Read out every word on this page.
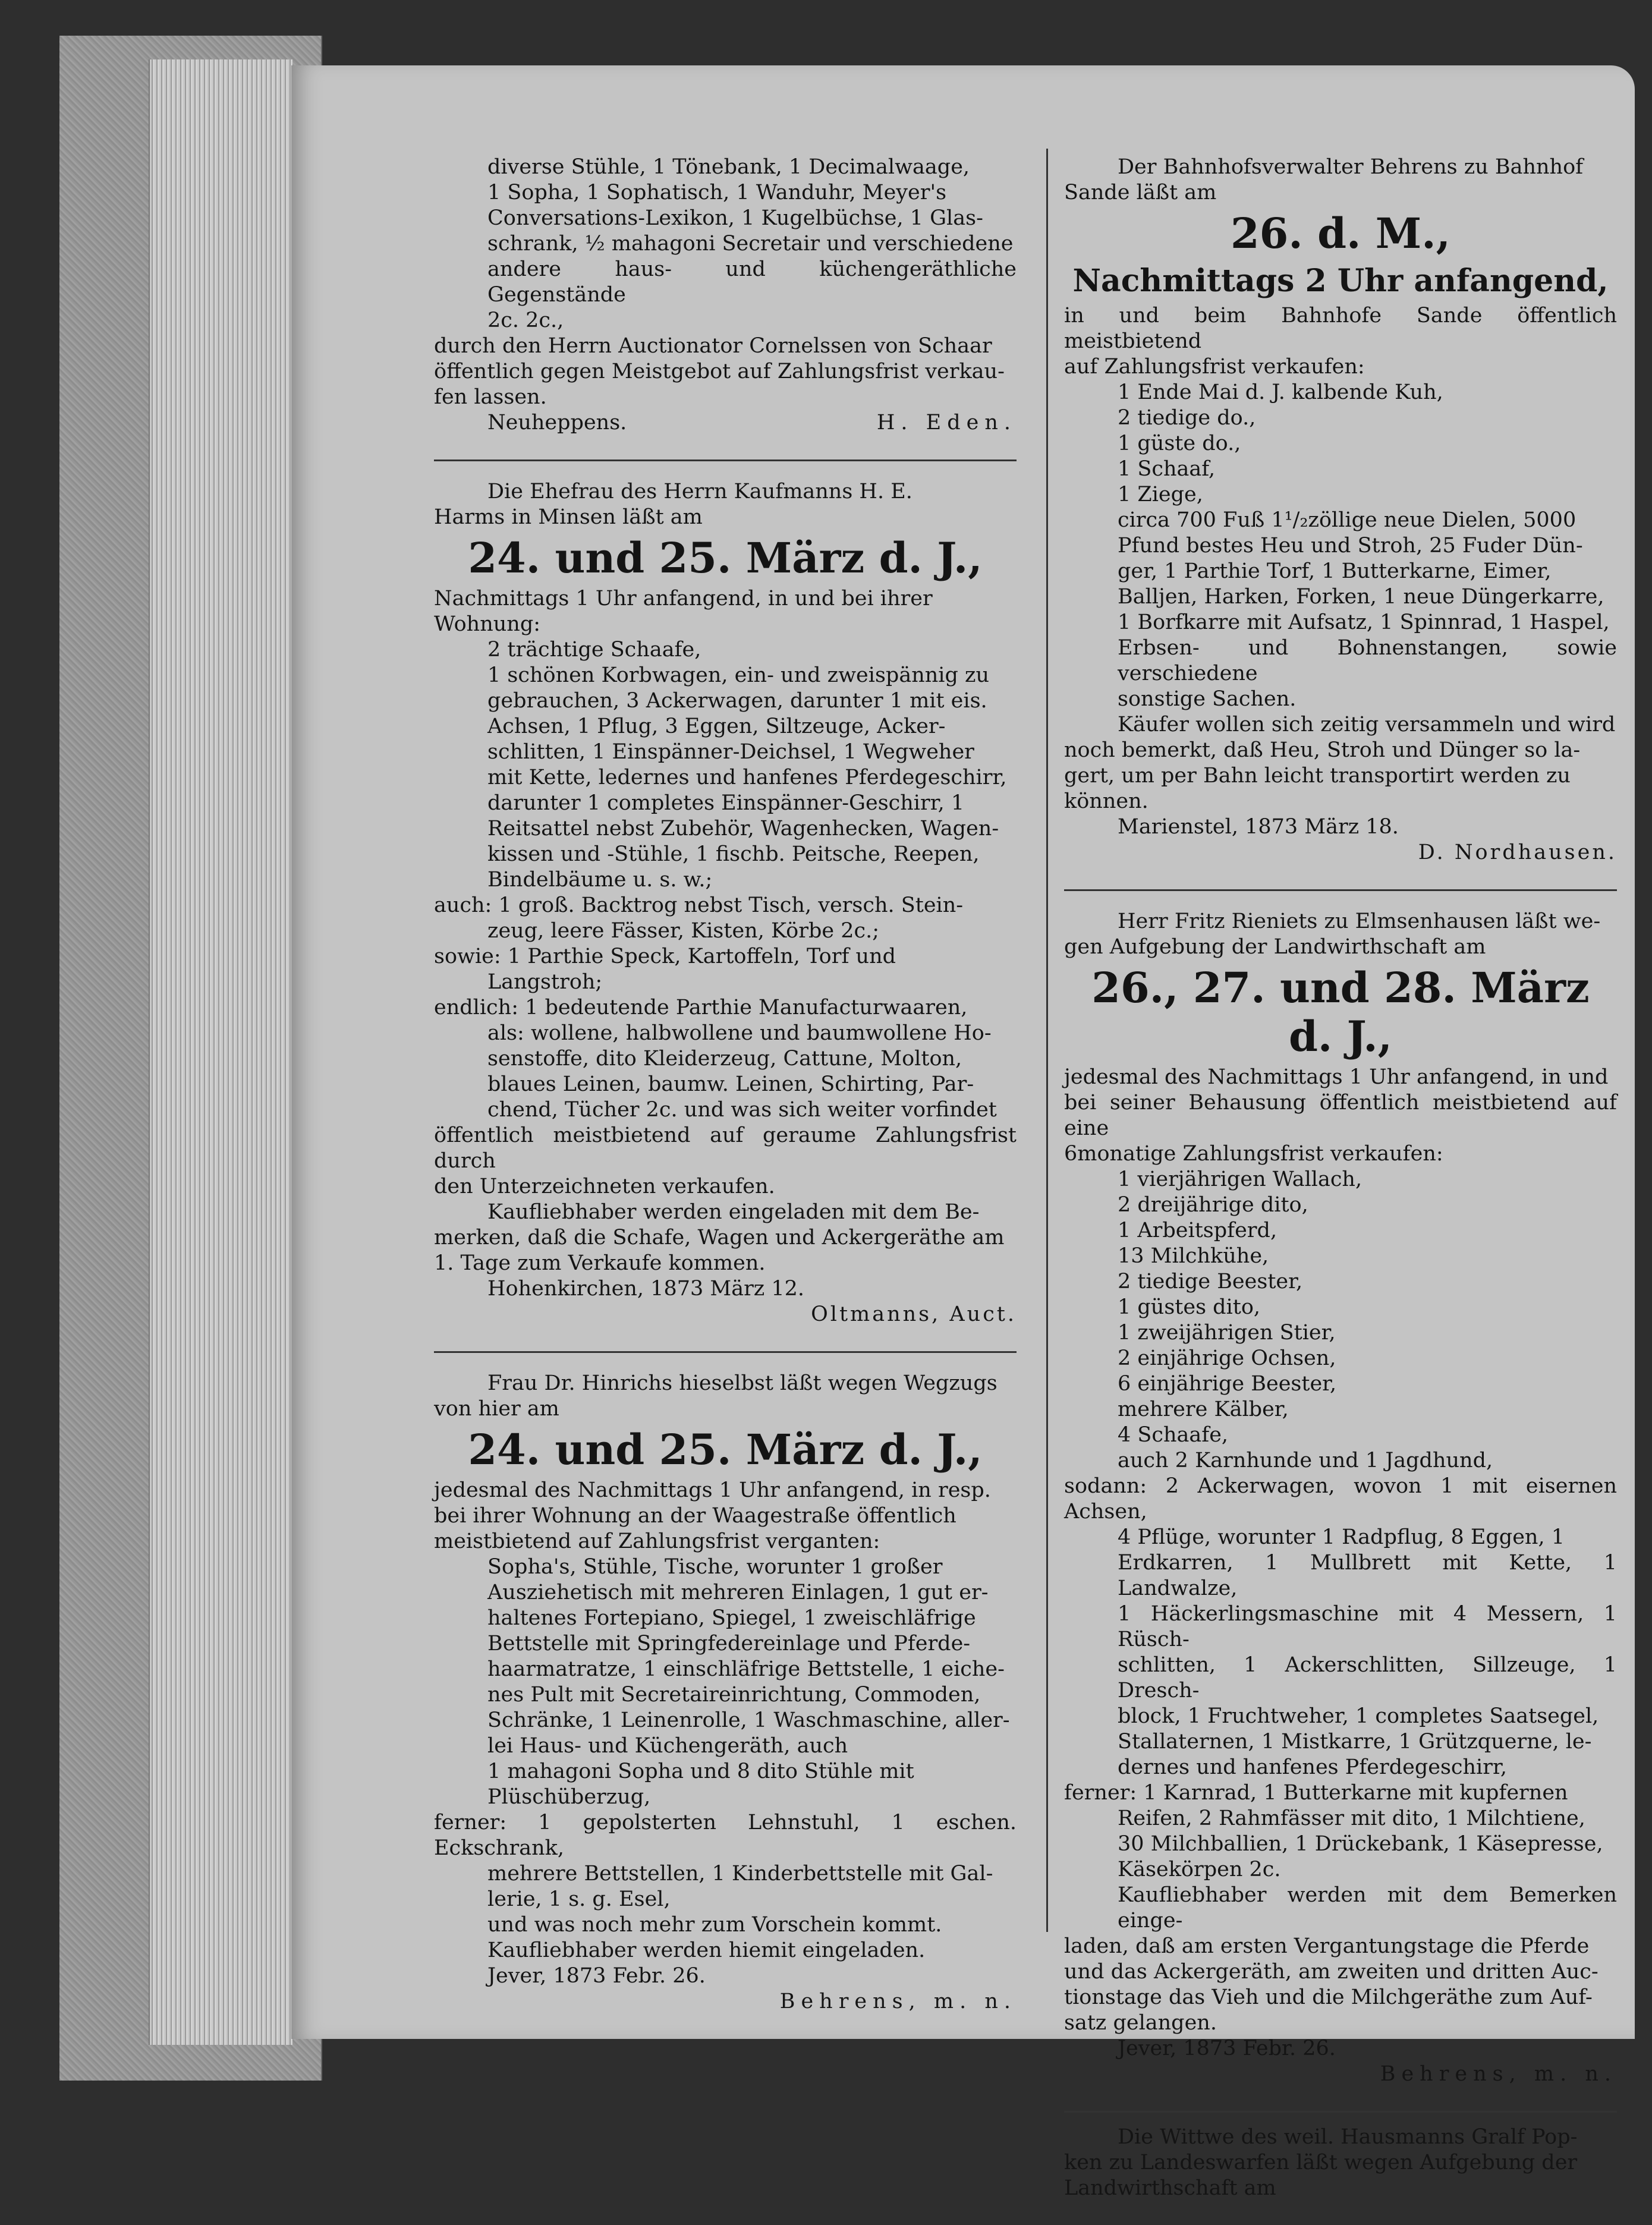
diverse Stühle, 1 Tönebank, 1 Decimalwaage,

1 Sopha, 1 Sophatisch, 1 Wanduhr, Meyer's

Conversations-Lexikon, 1 Kugelbüchse, 1 Glas-

schrank, ½ mahagoni Secretair und verschiedene

andere haus- und küchengeräthliche Gegenstände

2c. 2c.,

durch den Herrn Auctionator Cornelssen von Schaar

öffentlich gegen Meistgebot auf Zahlungsfrist verkau-

fen lassen.

Neuheppens.	H. Eden.

Die Ehefrau des Herrn Kaufmanns H. E.

Harms in Minsen läßt am

24. und 25. März d. J.,

Nachmittags 1 Uhr anfangend, in und bei ihrer

Wohnung:

2 trächtige Schaafe,

1 schönen Korbwagen, ein- und zweispännig zu

gebrauchen, 3 Ackerwagen, darunter 1 mit eis.

Achsen, 1 Pflug, 3 Eggen, Siltzeuge, Acker-

schlitten, 1 Einspänner-Deichsel, 1 Wegweher

mit Kette, ledernes und hanfenes Pferdegeschirr,

darunter 1 completes Einspänner-Geschirr, 1

Reitsattel nebst Zubehör, Wagenhecken, Wagen-

kissen und -Stühle, 1 fischb. Peitsche, Reepen,

Bindelbäume u. s. w.;

auch: 1 groß. Backtrog nebst Tisch, versch. Stein-

zeug, leere Fässer, Kisten, Körbe 2c.;

sowie: 1 Parthie Speck, Kartoffeln, Torf und

Langstroh;

endlich: 1 bedeutende Parthie Manufacturwaaren,

als: wollene, halbwollene und baumwollene Ho-

senstoffe, dito Kleiderzeug, Cattune, Molton,

blaues Leinen, baumw. Leinen, Schirting, Par-

chend, Tücher 2c. und was sich weiter vorfindet

öffentlich meistbietend auf geraume Zahlungsfrist durch

den Unterzeichneten verkaufen.

Kaufliebhaber werden eingeladen mit dem Be-

merken, daß die Schafe, Wagen und Ackergeräthe am

1. Tage zum Verkaufe kommen.

Hohenkirchen, 1873 März 12.

Oltmanns, Auct.

Frau Dr. Hinrichs hieselbst läßt wegen Wegzugs

von hier am

24. und 25. März d. J.,

jedesmal des Nachmittags 1 Uhr anfangend, in resp.

bei ihrer Wohnung an der Waagestraße öffentlich

meistbietend auf Zahlungsfrist verganten:

Sopha's, Stühle, Tische, worunter 1 großer

Ausziehetisch mit mehreren Einlagen, 1 gut er-

haltenes Fortepiano, Spiegel, 1 zweischläfrige

Bettstelle mit Springfedereinlage und Pferde-

haarmatratze, 1 einschläfrige Bettstelle, 1 eiche-

nes Pult mit Secretaireinrichtung, Commoden,

Schränke, 1 Leinenrolle, 1 Waschmaschine, aller-

lei Haus- und Küchengeräth, auch

1 mahagoni Sopha und 8 dito Stühle mit

Plüschüberzug,

ferner: 1 gepolsterten Lehnstuhl, 1 eschen. Eckschrank,

mehrere Bettstellen, 1 Kinderbettstelle mit Gal-

lerie, 1 s. g. Esel,

und was noch mehr zum Vorschein kommt.

Kaufliebhaber werden hiemit eingeladen.

Jever, 1873 Febr. 26.

Behrens, m. n.

Der Bahnhofsverwalter Behrens zu Bahnhof

Sande läßt am

26. d. M.,

Nachmittags 2 Uhr anfangend,

in und beim Bahnhofe Sande öffentlich meistbietend

auf Zahlungsfrist verkaufen:

1 Ende Mai d. J. kalbende Kuh,

2 tiedige do.,

1 güste do.,

1 Schaaf,

1 Ziege,

circa 700 Fuß 1¹/₂zöllige neue Dielen, 5000

Pfund bestes Heu und Stroh, 25 Fuder Dün-

ger, 1 Parthie Torf, 1 Butterkarne, Eimer,

Balljen, Harken, Forken, 1 neue Düngerkarre,

1 Borfkarre mit Aufsatz, 1 Spinnrad, 1 Haspel,

Erbsen- und Bohnenstangen, sowie verschiedene

sonstige Sachen.

Käufer wollen sich zeitig versammeln und wird

noch bemerkt, daß Heu, Stroh und Dünger so la-

gert, um per Bahn leicht transportirt werden zu

können.

Marienstel, 1873 März 18.

D. Nordhausen.

Herr Fritz Rieniets zu Elmsenhausen läßt we-

gen Aufgebung der Landwirthschaft am

26., 27. und 28. März d. J.,

jedesmal des Nachmittags 1 Uhr anfangend, in und

bei seiner Behausung öffentlich meistbietend auf eine

6monatige Zahlungsfrist verkaufen:

1 vierjährigen Wallach,

2 dreijährige dito,

1 Arbeitspferd,

13 Milchkühe,

2 tiedige Beester,

1 güstes dito,

1 zweijährigen Stier,

2 einjährige Ochsen,

6 einjährige Beester,

mehrere Kälber,

4 Schaafe,

auch 2 Karnhunde und 1 Jagdhund,

sodann: 2 Ackerwagen, wovon 1 mit eisernen Achsen,

4 Pflüge, worunter 1 Radpflug, 8 Eggen, 1

Erdkarren, 1 Mullbrett mit Kette, 1 Landwalze,

1 Häckerlingsmaschine mit 4 Messern, 1 Rüsch-

schlitten, 1 Ackerschlitten, Sillzeuge, 1 Dresch-

block, 1 Fruchtweher, 1 completes Saatsegel,

Stallaternen, 1 Mistkarre, 1 Grützquerne, le-

dernes und hanfenes Pferdegeschirr,

ferner: 1 Karnrad, 1 Butterkarne mit kupfernen

Reifen, 2 Rahmfässer mit dito, 1 Milchtiene,

30 Milchballien, 1 Drückebank, 1 Käsepresse,

Käsekörpen 2c.

Kaufliebhaber werden mit dem Bemerken einge-

laden, daß am ersten Vergantungstage die Pferde

und das Ackergeräth, am zweiten und dritten Auc-

tionstage das Vieh und die Milchgeräthe zum Auf-

satz gelangen.

Jever, 1873 Febr. 26.

Behrens, m. n.

Die Wittwe des weil. Hausmanns Gralf Pop-

ken zu Landeswarfen läßt wegen Aufgebung der

Landwirthschaft am
